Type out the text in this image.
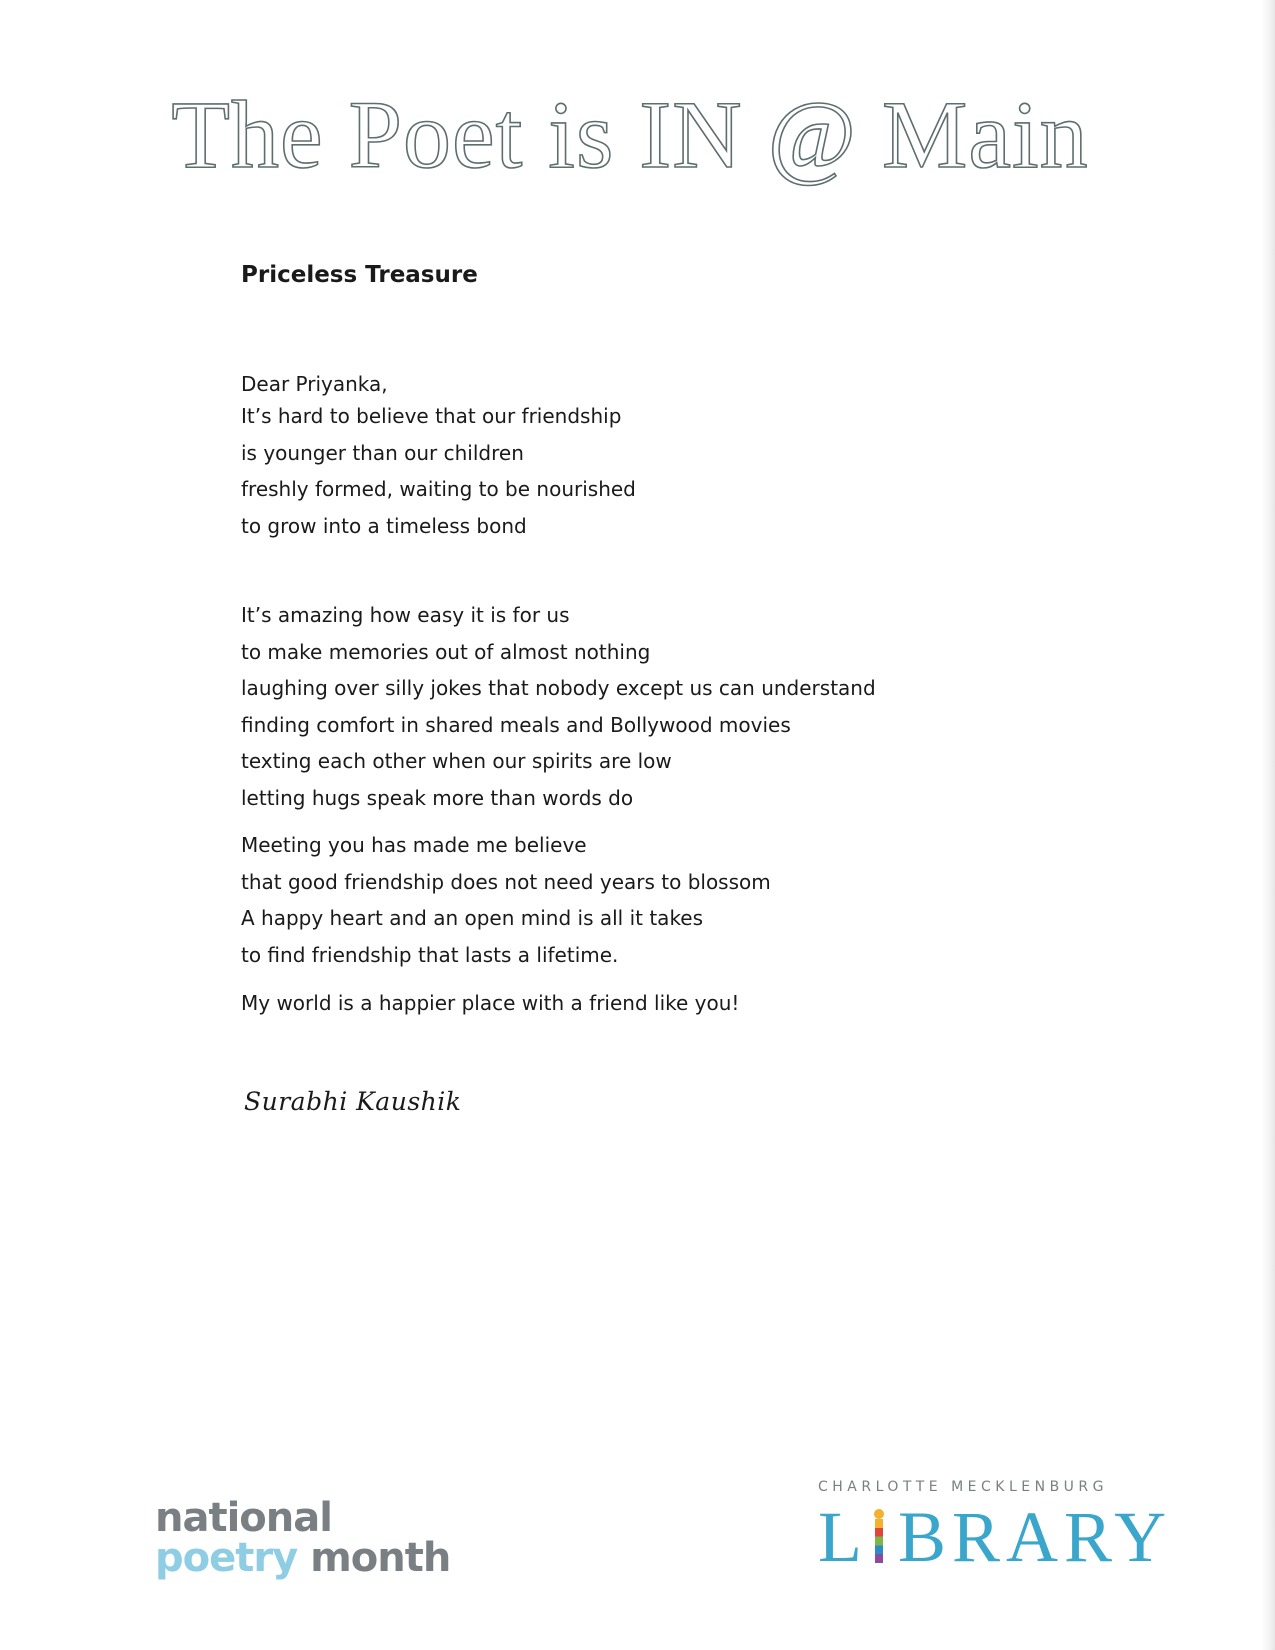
The Poet is IN @ Main
Priceless Treasure
Dear Priyanka,
It’s hard to believe that our friendship
is younger than our children
freshly formed, waiting to be nourished
to grow into a timeless bond
It’s amazing how easy it is for us
to make memories out of almost nothing
laughing over silly jokes that nobody except us can understand
finding comfort in shared meals and Bollywood movies
texting each other when our spirits are low
letting hugs speak more than words do
Meeting you has made me believe
that good friendship does not need years to blossom
A happy heart and an open mind is all it takes
to find friendship that lasts a lifetime.
My world is a happier place with a friend like you!
Surabhi Kaushik
national
poetry month
CHARLOTTE MECKLENBURG
L BRARY
